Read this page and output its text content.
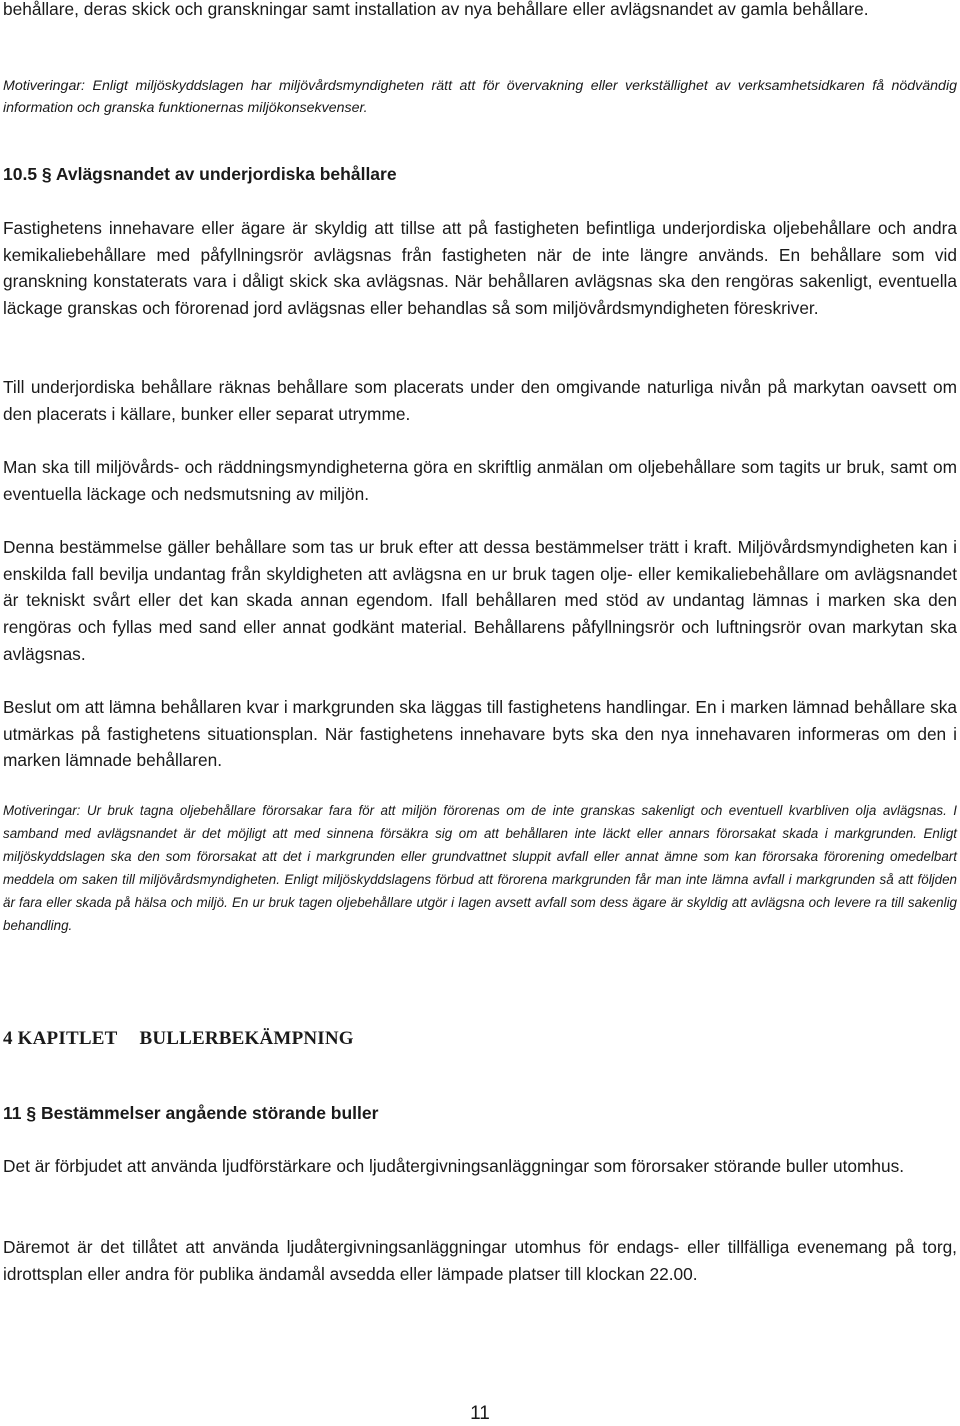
behållare, deras skick och granskningar samt installation av nya behållare eller avlägsnandet av gamla behållare.

Motiveringar: Enligt miljöskyddslagen har miljövårdsmyndigheten rätt att för övervakning eller verkställighet av verksamhetsidkaren få nödvändig information och granska funktionernas miljökonsekvenser.

10.5 § Avlägsnandet av underjordiska behållare

Fastighetens innehavare eller ägare är skyldig att tillse att på fastigheten befintliga underjordiska oljebehållare och andra kemikaliebehållare med påfyllningsrör avlägsnas från fastigheten när de inte längre används. En behållare som vid granskning konstaterats vara i dåligt skick ska avlägsnas. När behållaren avlägsnas ska den rengöras sakenligt, eventuella läckage granskas och förorenad jord avlägsnas eller behandlas så som miljövårdsmyndigheten föreskriver.

Till underjordiska behållare räknas behållare som placerats under den omgivande naturliga nivån på markytan oavsett om den placerats i källare, bunker eller separat utrymme.

Man ska till miljövårds- och räddningsmyndigheterna göra en skriftlig anmälan om oljebehållare som tagits ur bruk, samt om eventuella läckage och nedsmutsning av miljön.

Denna bestämmelse gäller behållare som tas ur bruk efter att dessa bestämmelser trätt i kraft. Miljövårdsmyndigheten kan i enskilda fall bevilja undantag från skyldigheten att avlägsna en ur bruk tagen olje- eller kemikaliebehållare om avlägsnandet är tekniskt svårt eller det kan skada annan egendom. Ifall behållaren med stöd av undantag lämnas i marken ska den rengöras och fyllas med sand eller annat godkänt material. Behållarens påfyllningsrör och luftningsrör ovan markytan ska avlägsnas.

Beslut om att lämna behållaren kvar i markgrunden ska läggas till fastighetens handlingar. En i marken lämnad behållare ska utmärkas på fastighetens situationsplan. När fastighetens innehavare byts ska den nya innehavaren informeras om den i marken lämnade behållaren.

Motiveringar: Ur bruk tagna oljebehållare förorsakar fara för att miljön förorenas om de inte granskas sakenligt och eventuell kvarbliven olja avlägsnas. I samband med avlägsnandet är det möjligt att med sinnena försäkra sig om att behållaren inte läckt eller annars förorsakat skada i markgrunden. Enligt miljöskyddslagen ska den som förorsakat att det i markgrunden eller grundvattnet sluppit avfall eller annat ämne som kan förorsaka förorening omedelbart meddela om saken till miljövårdsmyndigheten. Enligt miljöskyddslagens förbud att förorena markgrunden får man inte lämna avfall i markgrunden så att följden är fara eller skada på hälsa och miljö. En ur bruk tagen oljebehållare utgör i lagen avsett avfall som dess ägare är skyldig att avlägsna och levere ra till sakenlig behandling.

4 KAPITLET BULLERBEKÄMPNING
11 § Bestämmelser angående störande buller

Det är förbjudet att använda ljudförstärkare och ljudåtergivningsanläggningar som förorsaker störande buller utomhus.

Däremot är det tillåtet att använda ljudåtergivningsanläggningar utomhus för endags- eller tillfälliga evenemang på torg, idrottsplan eller andra för publika ändamål avsedda eller lämpade platser till klockan 22.00.

11
